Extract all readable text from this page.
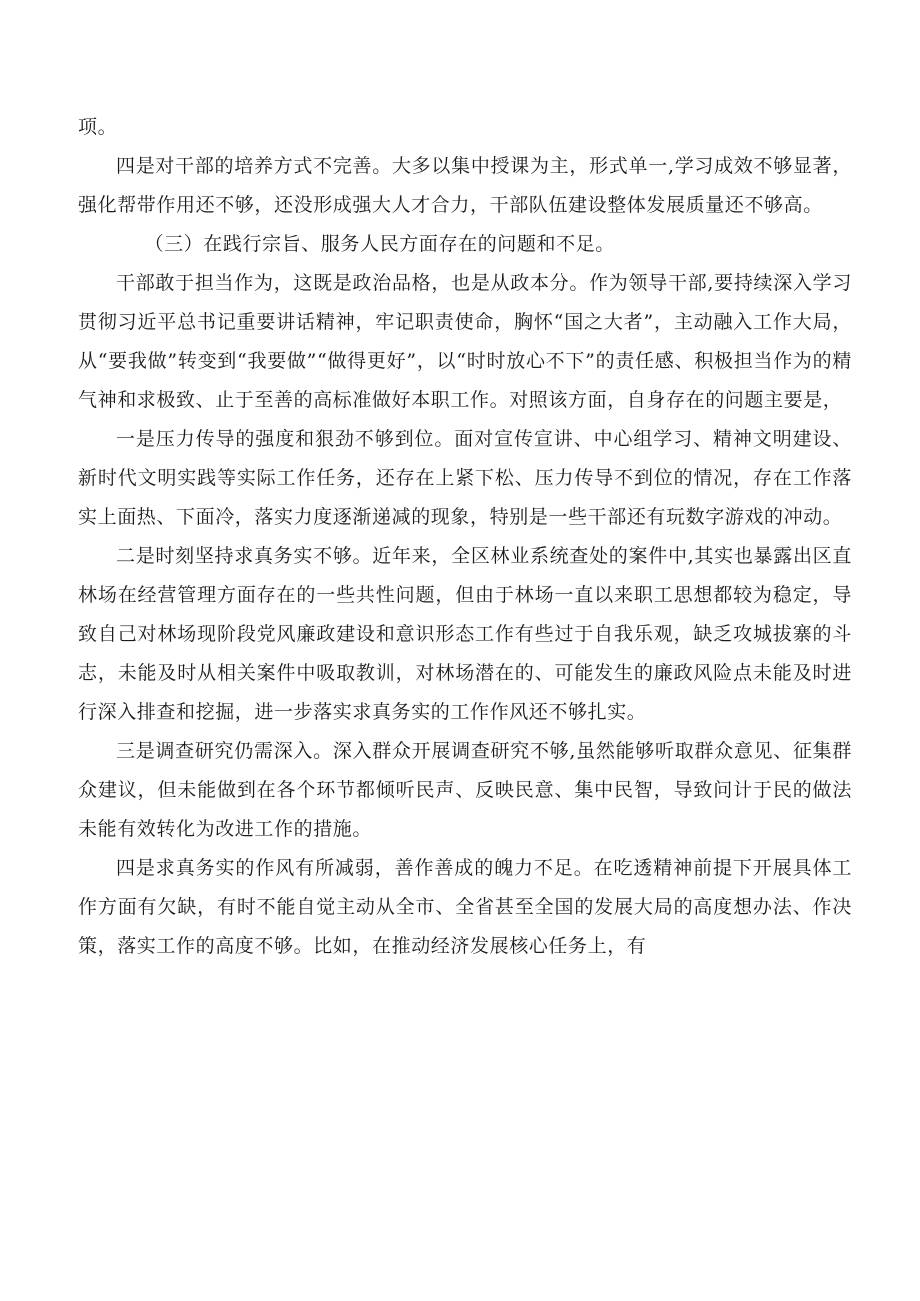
项。

四是对干部的培养方式不完善。大多以集中授课为主，形式单一,学习成效不够显著，强化帮带作用还不够，还没形成强大人才合力，干部队伍建设整体发展质量还不够高。

（三）在践行宗旨、服务人民方面存在的问题和不足。

干部敢于担当作为，这既是政治品格，也是从政本分。作为领导干部,要持续深入学习贯彻习近平总书记重要讲话精神，牢记职责使命，胸怀“国之大者”，主动融入工作大局，从“要我做”转变到“我要做”“做得更好”，以“时时放心不下”的责任感、积极担当作为的精气神和求极致、止于至善的高标准做好本职工作。对照该方面，自身存在的问题主要是，

一是压力传导的强度和狠劲不够到位。面对宣传宣讲、中心组学习、精神文明建设、新时代文明实践等实际工作任务，还存在上紧下松、压力传导不到位的情况，存在工作落实上面热、下面冷，落实力度逐渐递减的现象，特别是一些干部还有玩数字游戏的冲动。

二是时刻坚持求真务实不够。近年来，全区林业系统查处的案件中,其实也暴露出区直林场在经营管理方面存在的一些共性问题，但由于林场一直以来职工思想都较为稳定，导致自己对林场现阶段党风廉政建设和意识形态工作有些过于自我乐观，缺乏攻城拔寨的斗志，未能及时从相关案件中吸取教训，对林场潜在的、可能发生的廉政风险点未能及时进行深入排查和挖掘，进一步落实求真务实的工作作风还不够扎实。

三是调查研究仍需深入。深入群众开展调查研究不够,虽然能够听取群众意见、征集群众建议，但未能做到在各个环节都倾听民声、反映民意、集中民智，导致问计于民的做法未能有效转化为改进工作的措施。

四是求真务实的作风有所减弱，善作善成的魄力不足。在吃透精神前提下开展具体工作方面有欠缺，有时不能自觉主动从全市、全省甚至全国的发展大局的高度想办法、作决策，落实工作的高度不够。比如，在推动经济发展核心任务上，有
